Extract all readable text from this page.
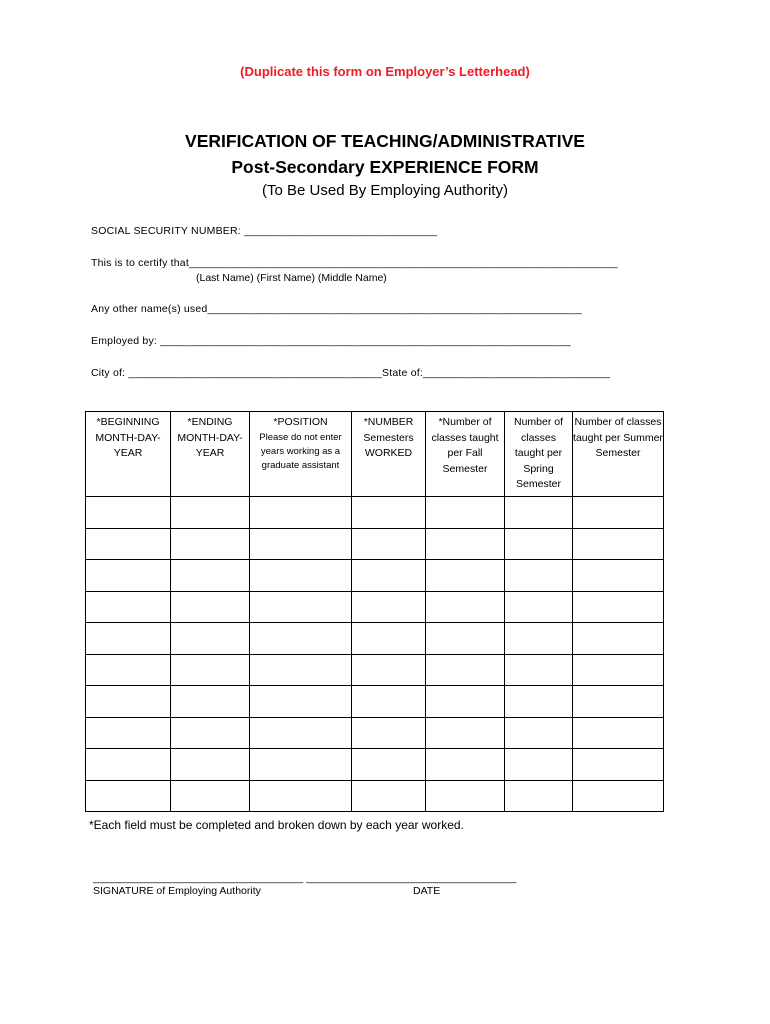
(Duplicate this form on Employer’s Letterhead)
VERIFICATION OF TEACHING/ADMINISTRATIVE
Post-Secondary EXPERIENCE FORM
(To Be Used By Employing Authority)
SOCIAL SECURITY NUMBER: ________________________________
This is to certify that_______________________________________________________________________
(Last Name) (First Name) (Middle Name)
Any other name(s) used______________________________________________________________
Employed by: ____________________________________________________________________
City of: __________________________________________State of:_______________________________
*BEGINNING MONTH-DAY-YEAR	*ENDING MONTH-DAY-YEAR	*POSITION
Please do not enter years working as a graduate assistant	*NUMBER Semesters WORKED	*Number of classes taught per Fall Semester	Number of classes taught per Spring Semester	Number of classes taught per Summer Semester

*Each field must be completed and broken down by each year worked.
____________________________________ ____________________________________
SIGNATURE of Employing Authority	DATE
